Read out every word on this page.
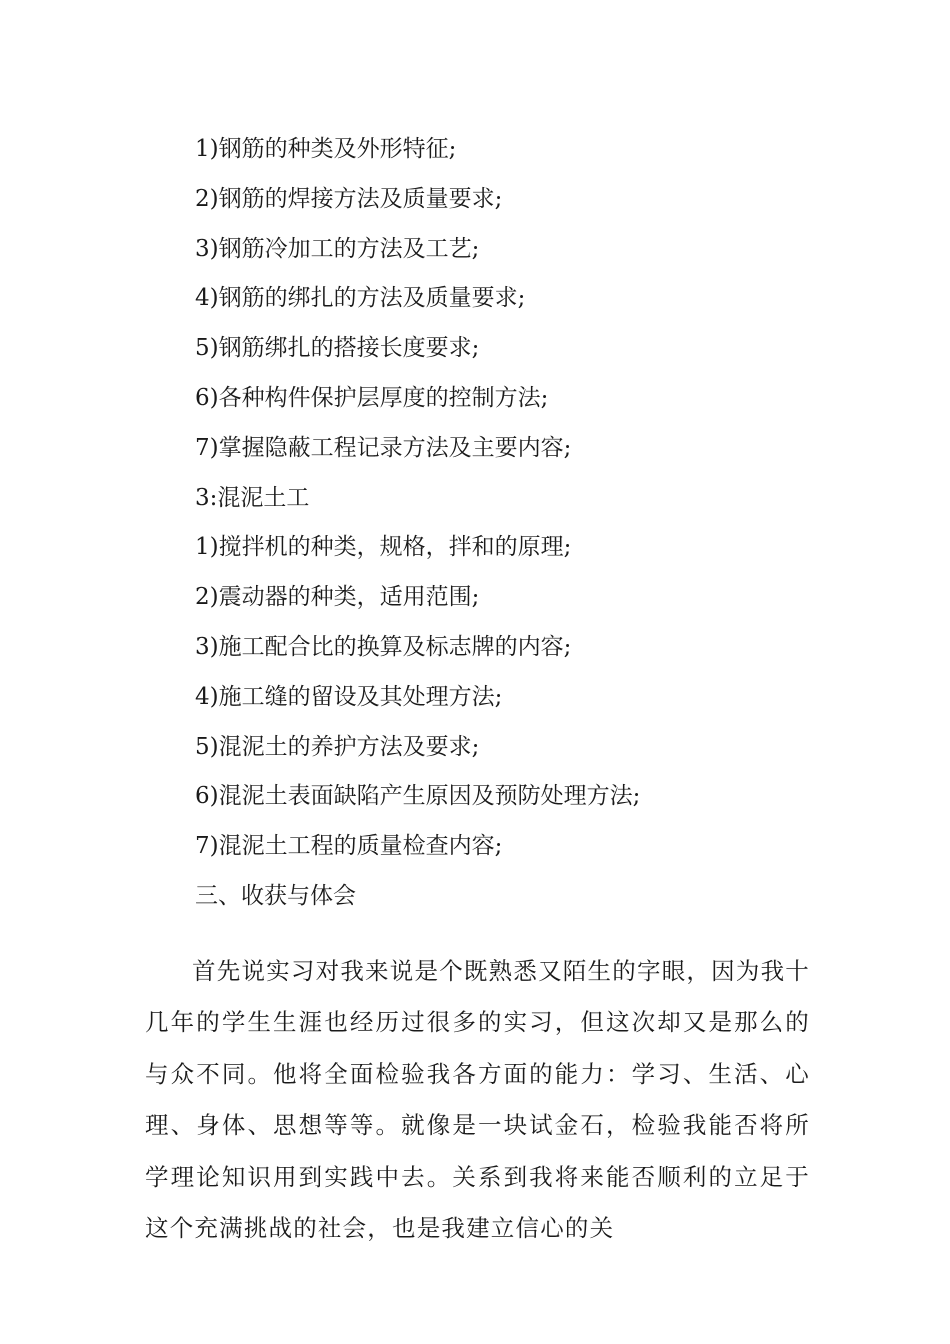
1)钢筋的种类及外形特征;
2)钢筋的焊接方法及质量要求;
3)钢筋冷加工的方法及工艺;
4)钢筋的绑扎的方法及质量要求;
5)钢筋绑扎的搭接长度要求;
6)各种构件保护层厚度的控制方法;
7)掌握隐蔽工程记录方法及主要内容;
3:混泥土工
1)搅拌机的种类，规格，拌和的原理;
2)震动器的种类，适用范围;
3)施工配合比的换算及标志牌的内容;
4)施工缝的留设及其处理方法;
5)混泥土的养护方法及要求;
6)混泥土表面缺陷产生原因及预防处理方法;
7)混泥土工程的质量检查内容;
三、收获与体会

首先说实习对我来说是个既熟悉又陌生的字眼，因为我十几年的学生生涯也经历过很多的实习，但这次却又是那么的与众不同。他将全面检验我各方面的能力：学习、生活、心理、身体、思想等等。就像是一块试金石，检验我能否将所学理论知识用到实践中去。关系到我将来能否顺利的立足于这个充满挑战的社会，也是我建立信心的关
